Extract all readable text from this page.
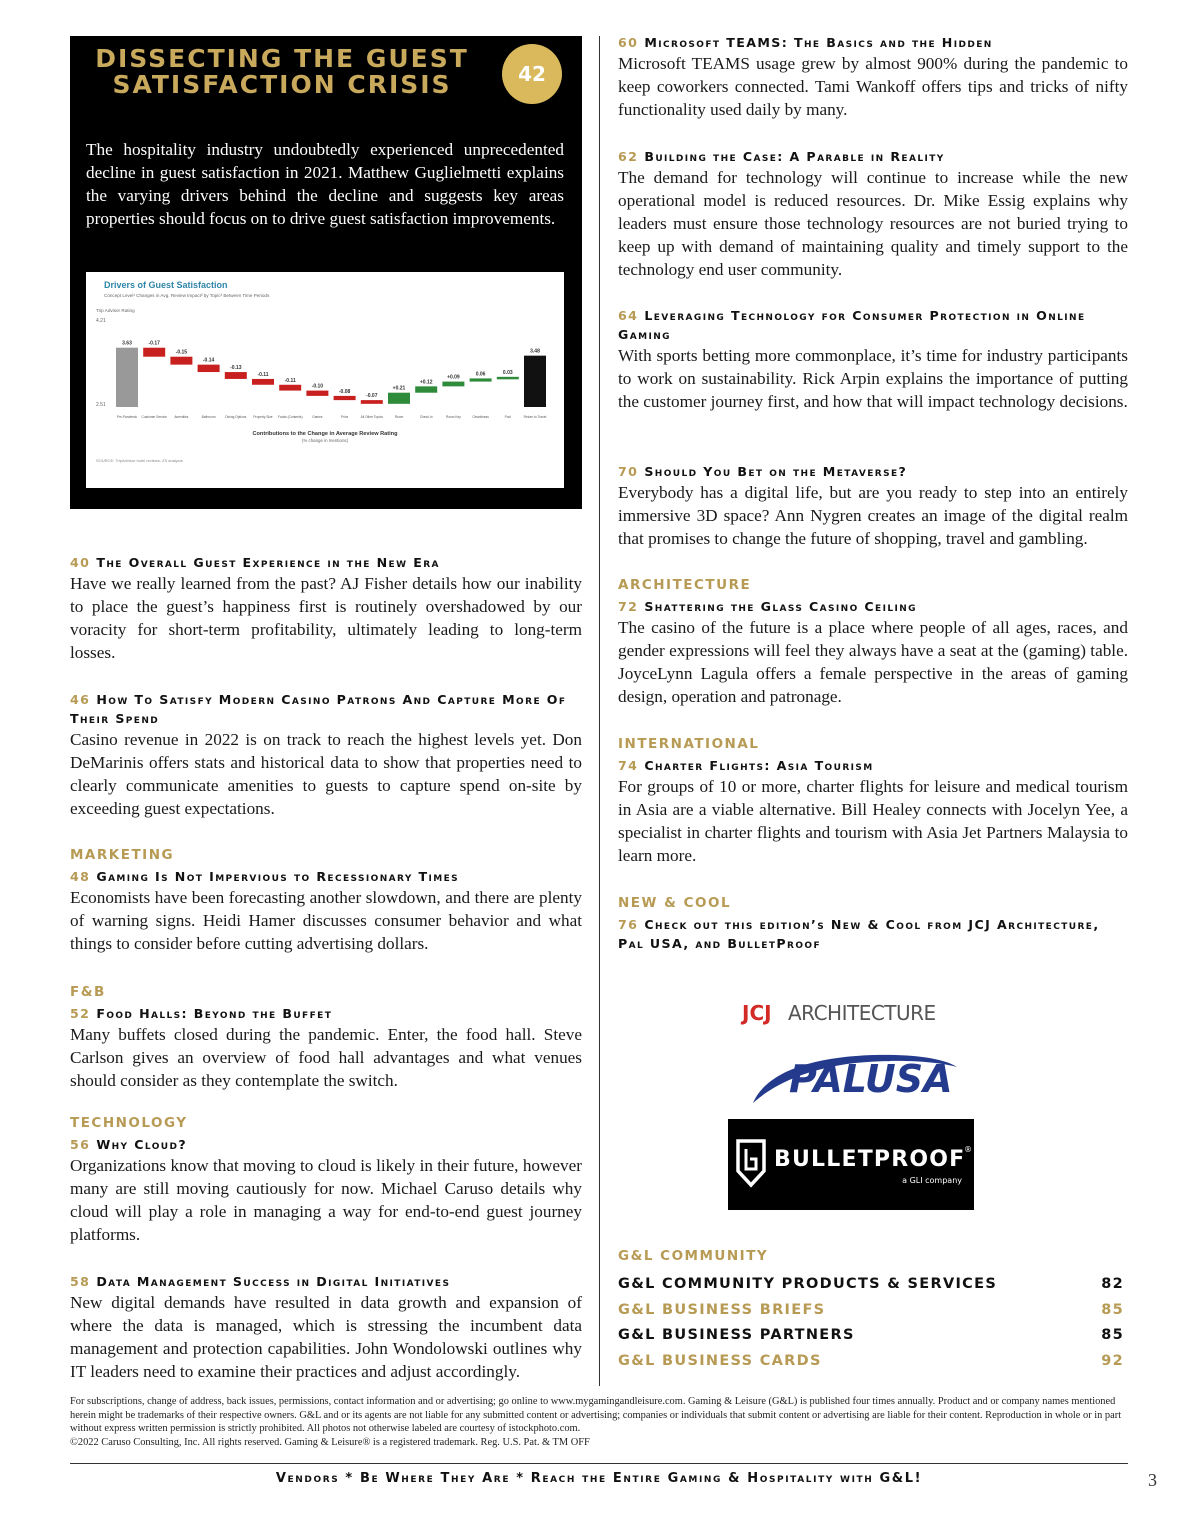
DISSECTING THE GUEST SATISFACTION CRISIS	42
The hospitality industry undoubtedly experienced unprecedented decline in guest satisfaction in 2021. Matthew Guglielmetti explains the varying drivers behind the decline and suggests key areas properties should focus on to drive guest satisfaction improvements.
Drivers of Guest Satisfaction
Concept Level¹ Changes in Avg. Review Impact² by Topic³ Between Time Periods
Trip Advisor Rating
4.21
2.51
3.63
Pre-Pandemic
-0.17
Customer Service
-0.15
Amenities
-0.14
Bathroom
-0.13
Dining Options
-0.11
Property Size
-0.11
Foods (Contents)
-0.10
Games
-0.08
Price
-0.07
All Other Topics
+0.21
Room
+0.12
Check-In
+0.09
Room Key
0.06
Cleanliness
0.03
Pool
3.48
Return to Travel
Contributions to the Change in Average Review Rating
(% change in mentions)
SOURCE: TripAdvisor hotel reviews; ZS analysis
40 The Overall Guest Experience in the New Era
Have we really learned from the past? AJ Fisher details how our inability to place the guest’s happiness first is routinely overshadowed by our voracity for short-term profitability, ultimately leading to long-term losses.
46 How To Satisfy Modern Casino Patrons And Capture More Of Their Spend
Casino revenue in 2022 is on track to reach the highest levels yet. Don DeMarinis offers stats and historical data to show that properties need to clearly communicate amenities to guests to capture spend on-site by exceeding guest expectations.
MARKETING
48 Gaming Is Not Impervious to Recessionary Times
Economists have been forecasting another slowdown, and there are plenty of warning signs. Heidi Hamer discusses consumer behavior and what things to consider before cutting advertising dollars.
F&B
52 Food Halls: Beyond the Buffet
Many buffets closed during the pandemic. Enter, the food hall. Steve Carlson gives an overview of food hall advantages and what venues should consider as they contemplate the switch.
TECHNOLOGY
56 Why Cloud?
Organizations know that moving to cloud is likely in their future, however many are still moving cautiously for now. Michael Caruso details why cloud will play a role in managing a way for end-to-end guest journey platforms.
58 Data Management Success in Digital Initiatives
New digital demands have resulted in data growth and expansion of where the data is managed, which is stressing the incumbent data management and protection capabilities. John Wondolowski outlines why IT leaders need to examine their practices and adjust accordingly.
60 Microsoft TEAMS: The Basics and the Hidden
Microsoft TEAMS usage grew by almost 900% during the pandemic to keep coworkers connected. Tami Wankoff offers tips and tricks of nifty functionality used daily by many.
62 Building the Case: A Parable in Reality
The demand for technology will continue to increase while the new operational model is reduced resources. Dr. Mike Essig explains why leaders must ensure those technology resources are not buried trying to keep up with demand of maintaining quality and timely support to the technology end user community.
64 Leveraging Technology for Consumer Protection in Online Gaming
With sports betting more commonplace, it’s time for industry participants to work on sustainability. Rick Arpin explains the importance of putting the customer journey first, and how that will impact technology decisions.
70 Should You Bet on the Metaverse?
Everybody has a digital life, but are you ready to step into an entirely immersive 3D space? Ann Nygren creates an image of the digital realm that promises to change the future of shopping, travel and gambling.
ARCHITECTURE
72 Shattering the Glass Casino Ceiling
The casino of the future is a place where people of all ages, races, and gender expressions will feel they always have a seat at the (gaming) table. JoyceLynn Lagula offers a female perspective in the areas of gaming design, operation and patronage.
INTERNATIONAL
74 Charter Flights: Asia Tourism
For groups of 10 or more, charter flights for leisure and medical tourism in Asia are a viable alternative. Bill Healey connects with Jocelyn Yee, a specialist in charter flights and tourism with Asia Jet Partners Malaysia to learn more.
NEW & COOL
76 Check out this edition’s New & Cool from JCJ Architecture, Pal USA, and BulletProof
JCJ ARCHITECTURE
PALUSA
BULLETPROOF
®
a GLI company
G&L COMMUNITY
G&L COMMUNITY PRODUCTS & SERVICES	82
G&L BUSINESS BRIEFS	85
G&L BUSINESS PARTNERS	85
G&L BUSINESS CARDS	92
For subscriptions, change of address, back issues, permissions, contact information and or advertising; go online to www.mygamingandleisure.com. Gaming & Leisure (G&L) is published four times annually. Product and or company names mentioned herein might be trademarks of their respective owners. G&L and or its agents are not liable for any submitted content or advertising; companies or individuals that submit content or advertising are liable for their content. Reproduction in whole or in part without express written permission is strictly prohibited. All photos not otherwise labeled are courtesy of istockphoto.com.
©2022 Caruso Consulting, Inc. All rights reserved. Gaming & Leisure® is a registered trademark. Reg. U.S. Pat. & TM OFF
Vendors * Be Where They Are * Reach the Entire Gaming & Hospitality with G&L!	3
